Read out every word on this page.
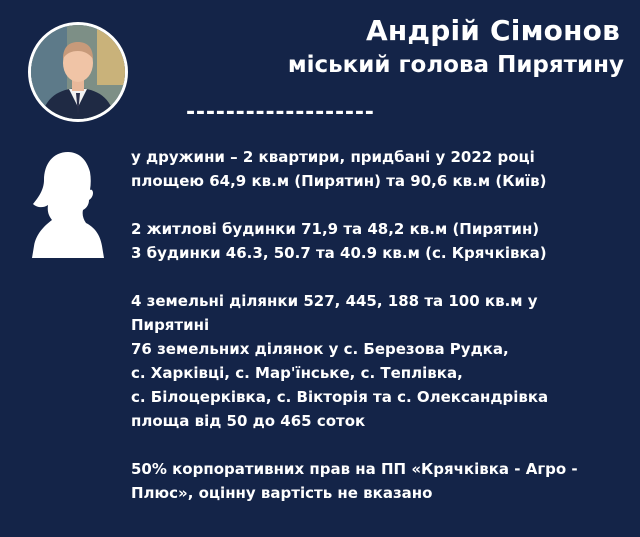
Андрій Сімонов
міський голова Пирятину
-------------------

у дружини – 2 квартири, придбані у 2022 році
площею 64,9 кв.м (Пирятин) та 90,6 кв.м (Київ)

2 житлові будинки 71,9 та 48,2 кв.м (Пирятин)
3 будинки 46.3, 50.7 та 40.9 кв.м (с. Крячківка)

4 земельні ділянки 527, 445, 188 та 100 кв.м у
Пирятині
76 земельних ділянок у с. Березова Рудка,
с. Харківці, с. Мар'їнське, с. Теплівка,
с. Білоцерківка, с. Вікторія та с. Олександрівка
площа від 50 до 465 соток

50% корпоративних прав на ПП «Крячківка - Агро -
Плюс», оцінну вартість не вказано
